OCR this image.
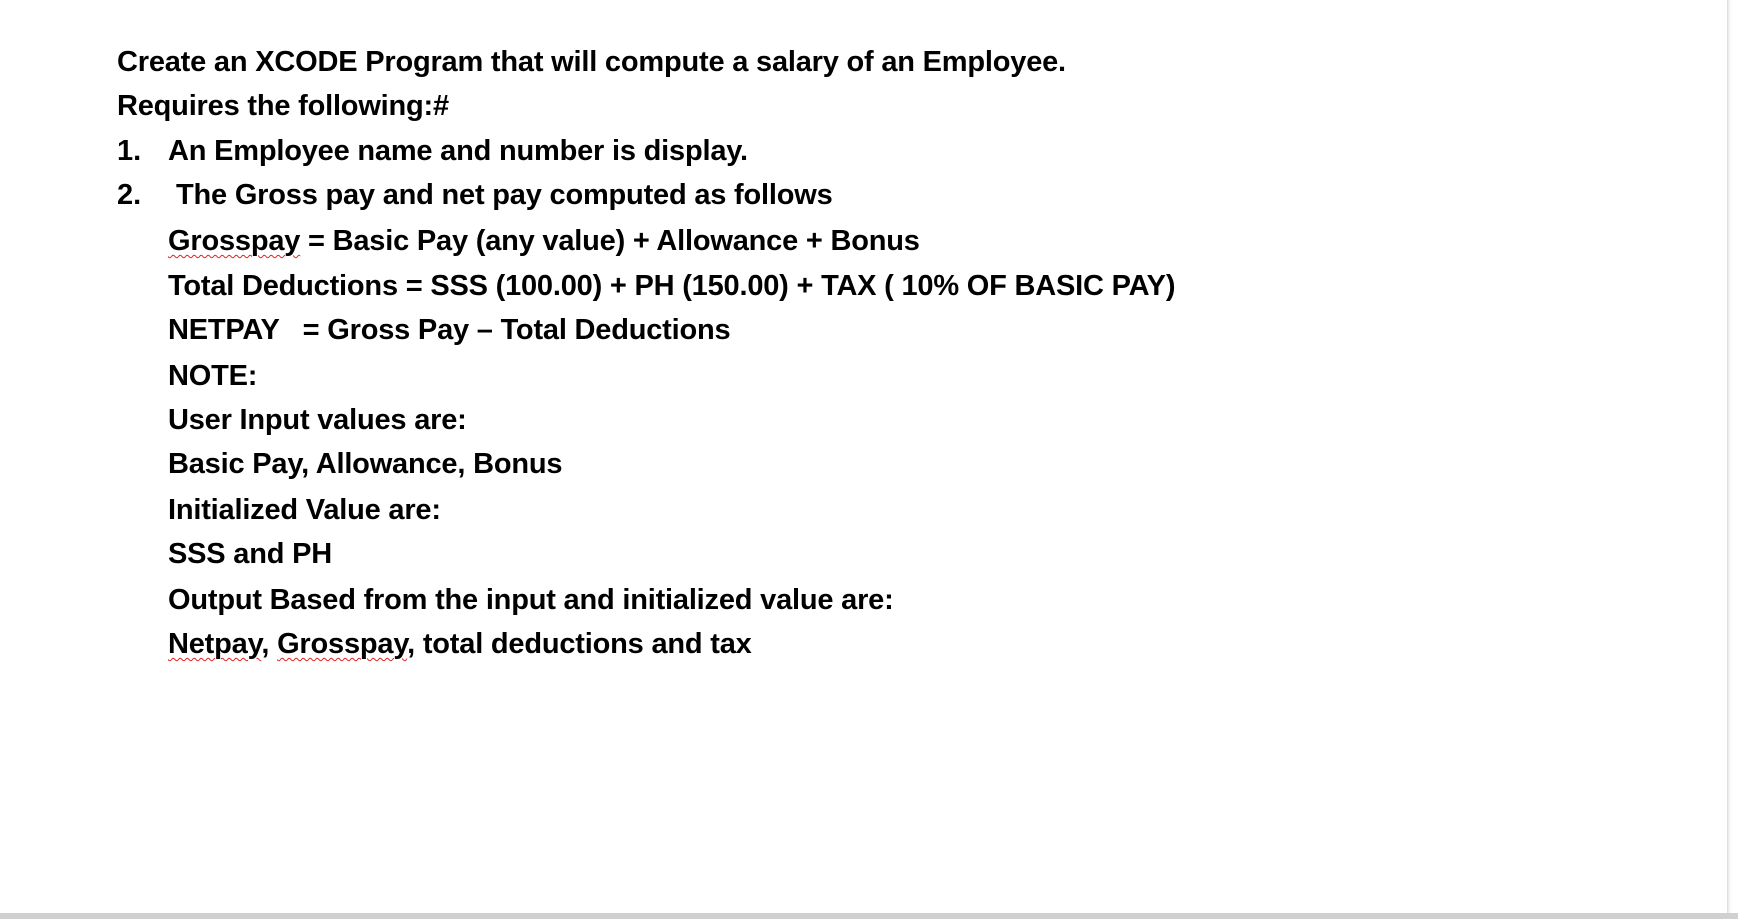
Create an XCODE Program that will compute a salary of an Employee.
Requires the following:#
1. An Employee name and number is display.
2. The Gross pay and net pay computed as follows
Grosspay = Basic Pay (any value) + Allowance + Bonus
Total Deductions = SSS (100.00) + PH (150.00) + TAX ( 10% OF BASIC PAY)
NETPAY   = Gross Pay – Total Deductions
NOTE:
User Input values are:
Basic Pay, Allowance, Bonus
Initialized Value are:
SSS and PH
Output Based from the input and initialized value are:
Netpay, Grosspay, total deductions and tax
